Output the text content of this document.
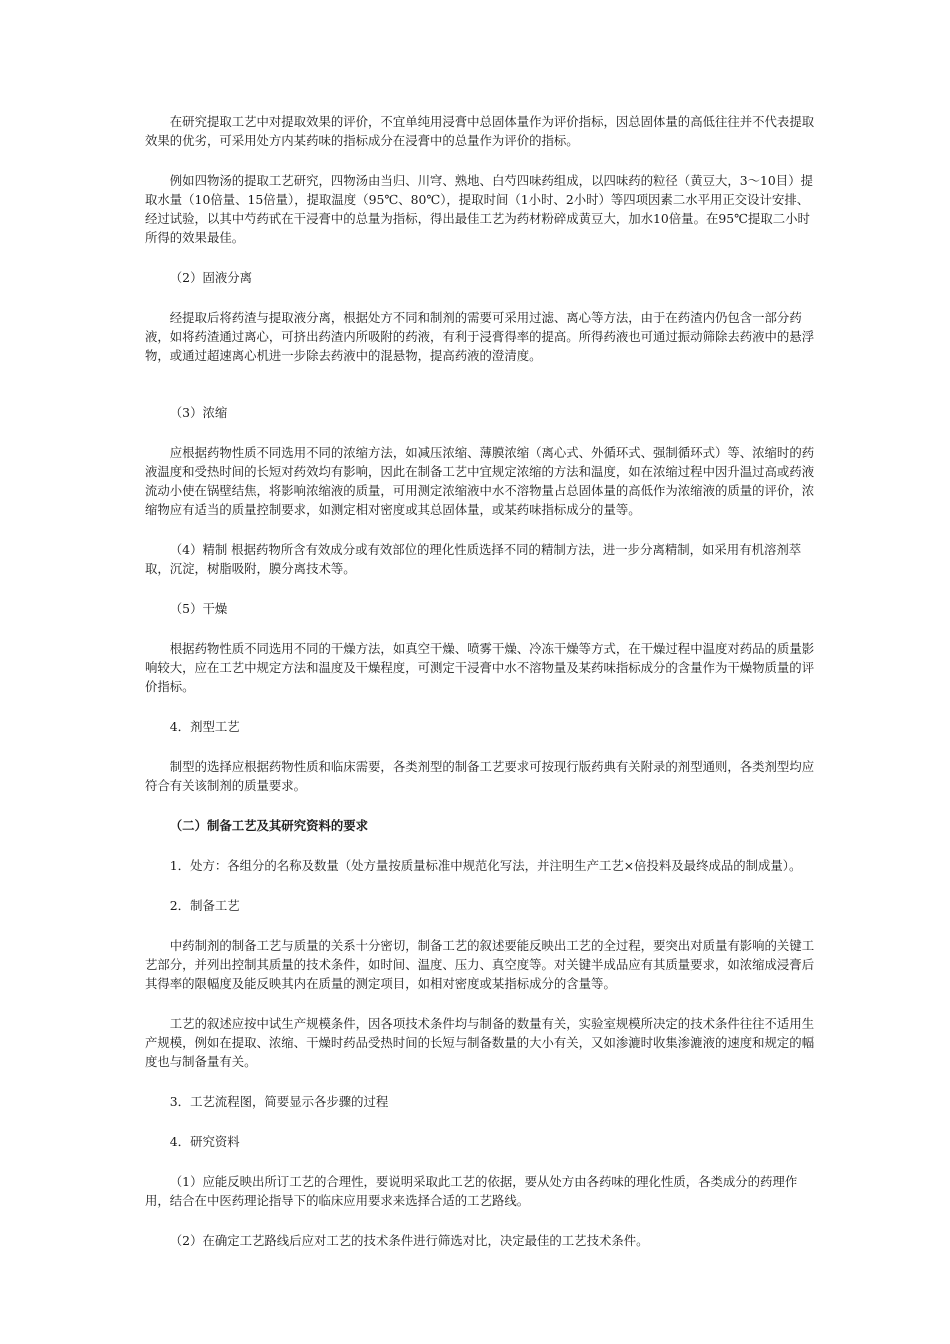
在研究提取工艺中对提取效果的评价，不宜单纯用浸膏中总固体量作为评价指标，因总固体量的高低往往并不代表提取效果的优劣，可采用处方内某药味的指标成分在浸膏中的总量作为评价的指标。

例如四物汤的提取工艺研究，四物汤由当归、川穹、熟地、白芍四味药组成，以四味药的粒径（黄豆大，3～10目）提取水量（10倍量、15倍量），提取温度（95℃、80℃），提取时间（1小时、2小时）等四项因素二水平用正交设计安排、经过试验，以其中芍药甙在干浸膏中的总量为指标，得出最佳工艺为药材粉碎成黄豆大，加水10倍量。在95℃提取二小时所得的效果最佳。

（2）固液分离

经提取后将药渣与提取液分离，根据处方不同和制剂的需要可采用过滤、离心等方法，由于在药渣内仍包含一部分药液，如将药渣通过离心，可挤出药渣内所吸附的药液，有利于浸膏得率的提高。所得药液也可通过振动筛除去药液中的悬浮物，或通过超速离心机进一步除去药液中的混悬物，提高药液的澄清度。

（3）浓缩

应根据药物性质不同选用不同的浓缩方法，如减压浓缩、薄膜浓缩（离心式、外循环式、强制循环式）等、浓缩时的药液温度和受热时间的长短对药效均有影响，因此在制备工艺中宜规定浓缩的方法和温度，如在浓缩过程中因升温过高或药液流动小使在锅壁结焦，将影响浓缩液的质量，可用测定浓缩液中水不溶物量占总固体量的高低作为浓缩液的质量的评价，浓缩物应有适当的质量控制要求，如测定相对密度或其总固体量，或某药味指标成分的量等。

（4）精制 根据药物所含有效成分或有效部位的理化性质选择不同的精制方法，进一步分离精制，如采用有机溶剂萃取，沉淀，树脂吸附，膜分离技术等。

（5）干燥

根据药物性质不同选用不同的干燥方法，如真空干燥、喷雾干燥、冷冻干燥等方式，在干燥过程中温度对药品的质量影响较大，应在工艺中规定方法和温度及干燥程度，可测定干浸膏中水不溶物量及某药味指标成分的含量作为干燥物质量的评价指标。

4．剂型工艺

制型的选择应根据药物性质和临床需要，各类剂型的制备工艺要求可按现行版药典有关附录的剂型通则，各类剂型均应符合有关该制剂的质量要求。

（二）制备工艺及其研究资料的要求

1．处方：各组分的名称及数量（处方量按质量标准中规范化写法，并注明生产工艺×倍投料及最终成品的制成量）。

2．制备工艺

中药制剂的制备工艺与质量的关系十分密切，制备工艺的叙述要能反映出工艺的全过程，要突出对质量有影响的关键工艺部分，并列出控制其质量的技术条件，如时间、温度、压力、真空度等。对关键半成品应有其质量要求，如浓缩成浸膏后其得率的限幅度及能反映其内在质量的测定项目，如相对密度或某指标成分的含量等。

工艺的叙述应按中试生产规模条件，因各项技术条件均与制备的数量有关，实验室规模所决定的技术条件往往不适用生产规模，例如在提取、浓缩、干燥时药品受热时间的长短与制备数量的大小有关，又如渗漉时收集渗漉液的速度和规定的幅度也与制备量有关。

3．工艺流程图，简要显示各步骤的过程

4．研究资料

（1）应能反映出所订工艺的合理性，要说明采取此工艺的依据，要从处方由各药味的理化性质，各类成分的药理作用，结合在中医药理论指导下的临床应用要求来选择合适的工艺路线。

（2）在确定工艺路线后应对工艺的技术条件进行筛选对比，决定最佳的工艺技术条件。
